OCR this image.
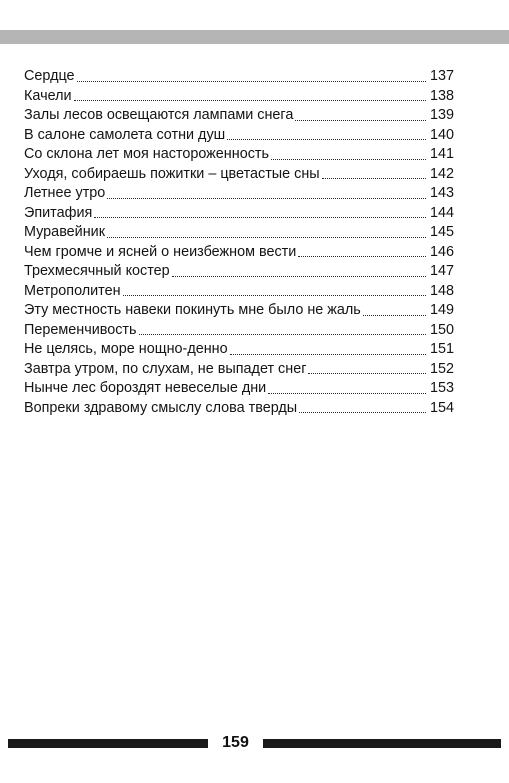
Сердце	137
Качели	138
Залы лесов освещаются лампами снега	139
В салоне самолета сотни душ	140
Со склона лет моя настороженность	141
Уходя, собираешь пожитки – цветастые сны	142
Летнее утро	143
Эпитафия	144
Муравейник	145
Чем громче и ясней о неизбежном вести	146
Трехмесячный костер	147
Метрополитен	148
Эту местность навеки покинуть мне было не жаль	149
Переменчивость	150
Не целясь, море нощно-денно	151
Завтра утром, по слухам, не выпадет снег	152
Нынче лес бороздят невеселые дни	153
Вопреки здравому смыслу слова тверды	154
159
